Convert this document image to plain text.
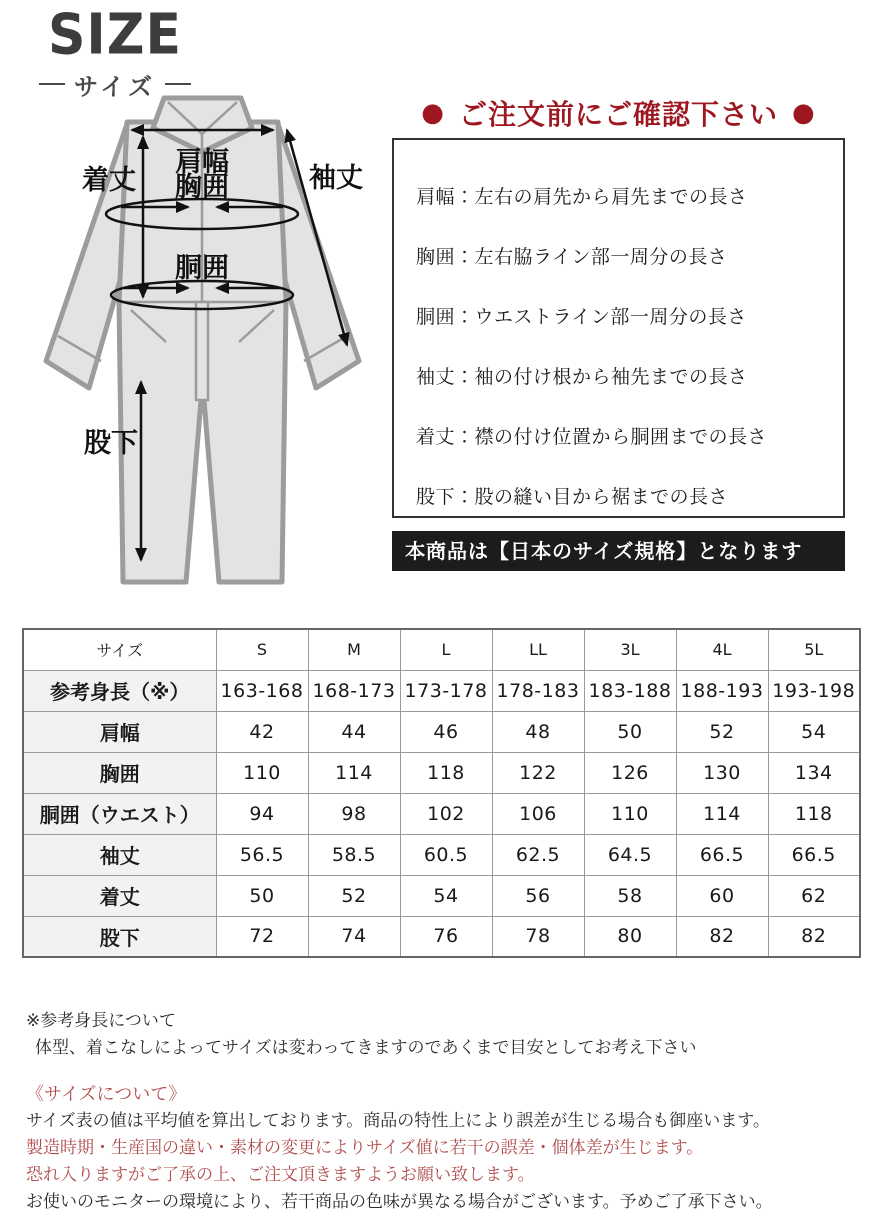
SIZE
サイズ
肩幅
着丈 胸囲
胴囲
袖丈
股下
● ご注文前にご確認下さい ●
肩幅：左右の肩先から肩先までの長さ
胸囲：左右脇ライン部一周分の長さ
胴囲：ウエストライン部一周分の長さ
袖丈：袖の付け根から袖先までの長さ
着丈：襟の付け位置から胴囲までの長さ
股下：股の縫い目から裾までの長さ
本商品は【日本のサイズ規格】となります
サイズ	S	M	L	LL	3L	4L	5L
参考身長（※）	163-168	168-173	173-178	178-183	183-188	188-193	193-198
肩幅	42	44	46	48	50	52	54
胸囲	110	114	118	122	126	130	134
胴囲（ウエスト）	94	98	102	106	110	114	118
袖丈	56.5	58.5	60.5	62.5	64.5	66.5	66.5
着丈	50	52	54	56	58	60	62
股下	72	74	76	78	80	82	82
※参考身長について
体型、着こなしによってサイズは変わってきますのであくまで目安としてお考え下さい
《サイズについて》
サイズ表の値は平均値を算出しております。商品の特性上により誤差が生じる場合も御座います。
製造時期・生産国の違い・素材の変更によりサイズ値に若干の誤差・個体差が生じます。
恐れ入りますがご了承の上、ご注文頂きますようお願い致します。
お使いのモニターの環境により、若干商品の色味が異なる場合がございます。予めご了承下さい。
